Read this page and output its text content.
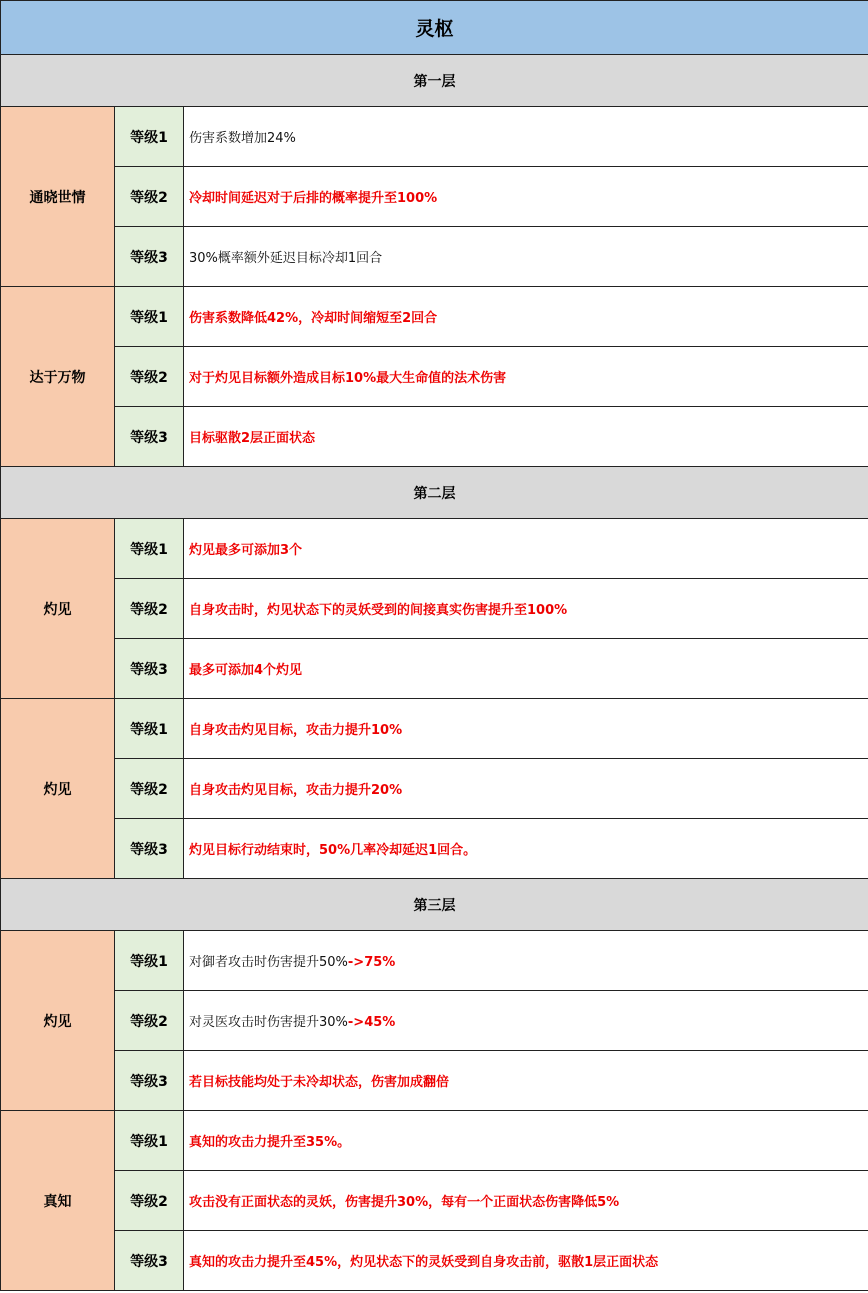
灵枢		
第一层		
通晓世情	等级1	伤害系数增加24%
	等级2	冷却时间延迟对于后排的概率提升至100%
	等级3	30%概率额外延迟目标冷却1回合
达于万物	等级1	伤害系数降低42%，冷却时间缩短至2回合
	等级2	对于灼见目标额外造成目标10%最大生命值的法术伤害
	等级3	目标驱散2层正面状态
第二层		
灼见	等级1	灼见最多可添加3个
	等级2	自身攻击时，灼见状态下的灵妖受到的间接真实伤害提升至100%
	等级3	最多可添加4个灼见
灼见	等级1	自身攻击灼见目标，攻击力提升10%
	等级2	自身攻击灼见目标，攻击力提升20%
	等级3	灼见目标行动结束时，50%几率冷却延迟1回合。
第三层		
灼见	等级1	对御者攻击时伤害提升50%->75%
	等级2	对灵医攻击时伤害提升30%->45%
	等级3	若目标技能均处于未冷却状态，伤害加成翻倍
真知	等级1	真知的攻击力提升至35%。
	等级2	攻击没有正面状态的灵妖，伤害提升30%，每有一个正面状态伤害降低5%
	等级3	真知的攻击力提升至45%，灼见状态下的灵妖受到自身攻击前，驱散1层正面状态
